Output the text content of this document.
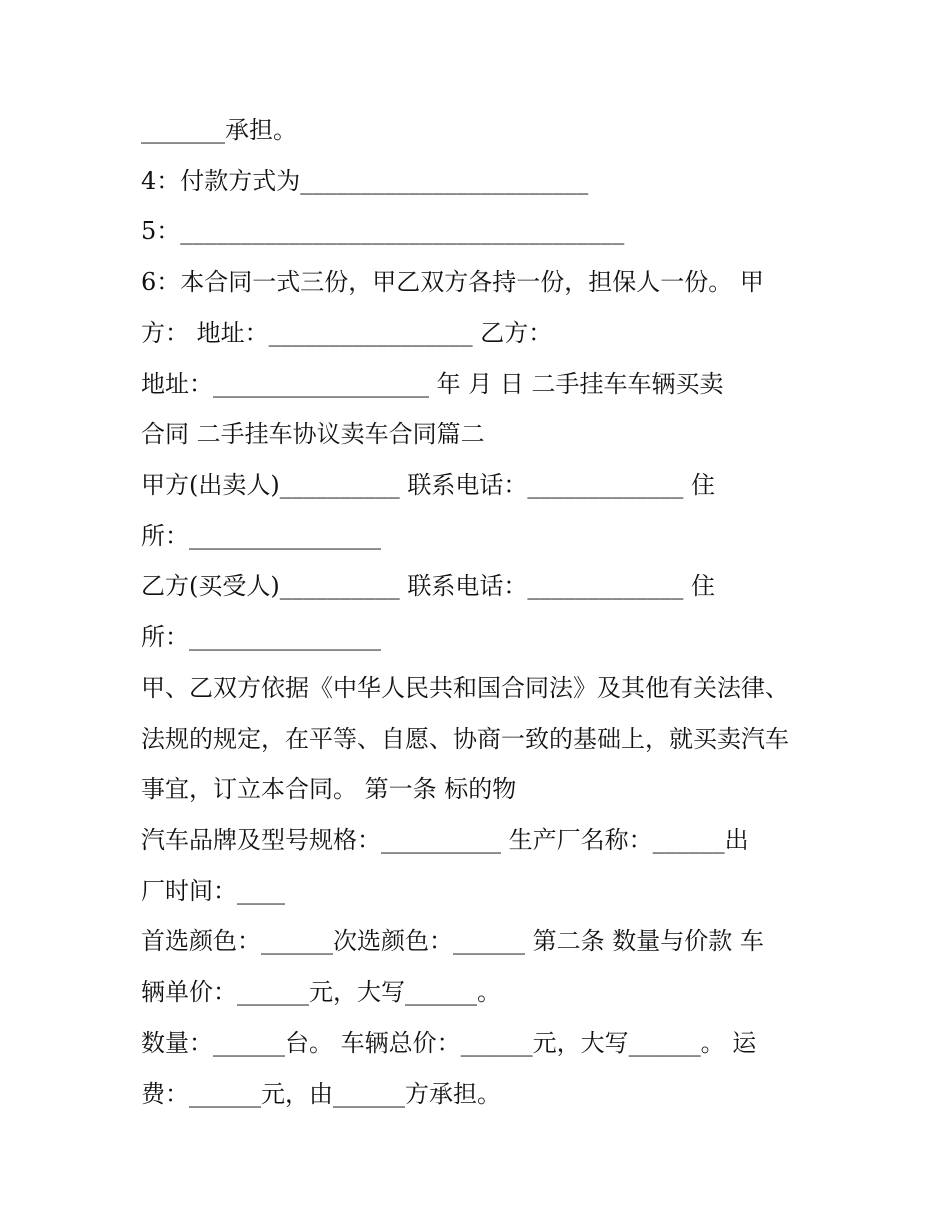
_______承担。
4：付款方式为________________________
5：_____________________________________
6：本合同一式三份，甲乙双方各持一份，担保人一份。 甲
方： 地址：_________________ 乙方：
地址：__________________ 年 月 日 二手挂车车辆买卖
合同 二手挂车协议卖车合同篇二
甲方(出卖人)__________ 联系电话：_____________ 住
所：________________
乙方(买受人)__________ 联系电话：_____________ 住
所：________________
甲、乙双方依据《中华人民共和国合同法》及其他有关法律、
法规的规定，在平等、自愿、协商一致的基础上，就买卖汽车
事宜，订立本合同。 第一条 标的物
汽车品牌及型号规格：__________ 生产厂名称：______出
厂时间：____
首选颜色：______次选颜色：______ 第二条 数量与价款 车
辆单价：______元，大写______。
数量：______台。 车辆总价：______元，大写______。 运
费：______元，由______方承担。
